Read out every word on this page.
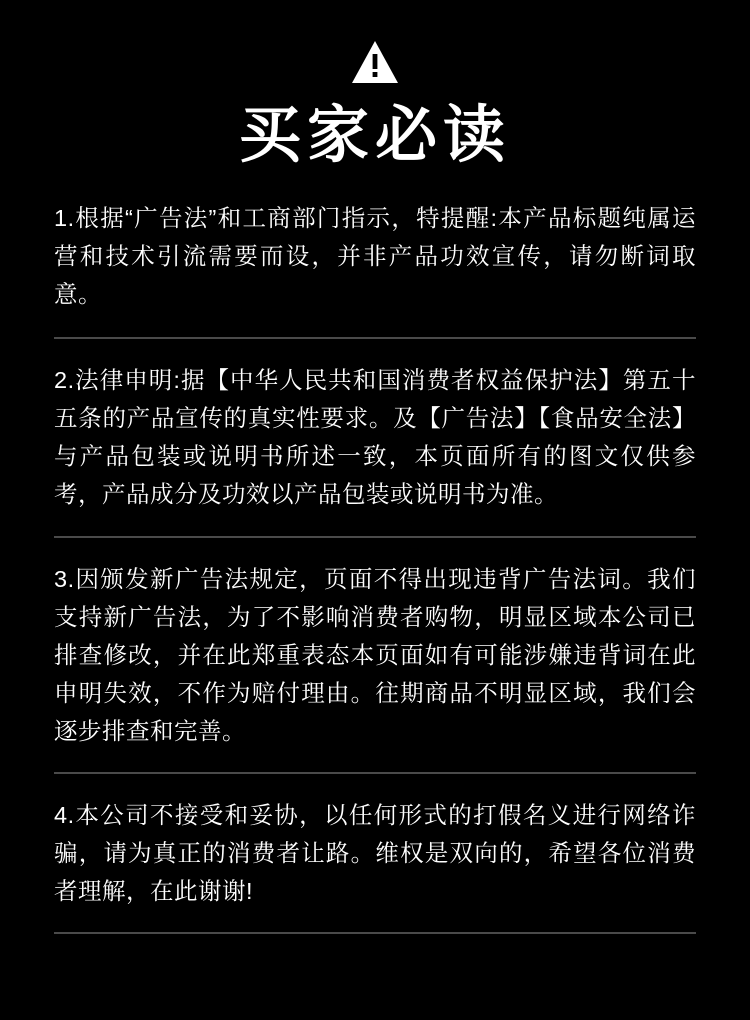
买家必读

1.根据“广告法”和工商部门指示，特提醒:本产品标题纯属运营和技术引流需要而设，并非产品功效宣传，请勿断词取意。

2.法律申明:据【中华人民共和国消费者权益保护法】第五十五条的产品宣传的真实性要求。及【广告法】【食品安全法】与产品包装或说明书所述一致，本页面所有的图文仅供参考，产品成分及功效以产品包装或说明书为准。

3.因颁发新广告法规定，页面不得出现违背广告法词。我们支持新广告法，为了不影响消费者购物，明显区域本公司已排查修改，并在此郑重表态本页面如有可能涉嫌违背词在此申明失效，不作为赔付理由。往期商品不明显区域，我们会逐步排查和完善。

4.本公司不接受和妥协，以任何形式的打假名义进行网络诈骗，请为真正的消费者让路。维权是双向的，希望各位消费者理解，在此谢谢!
